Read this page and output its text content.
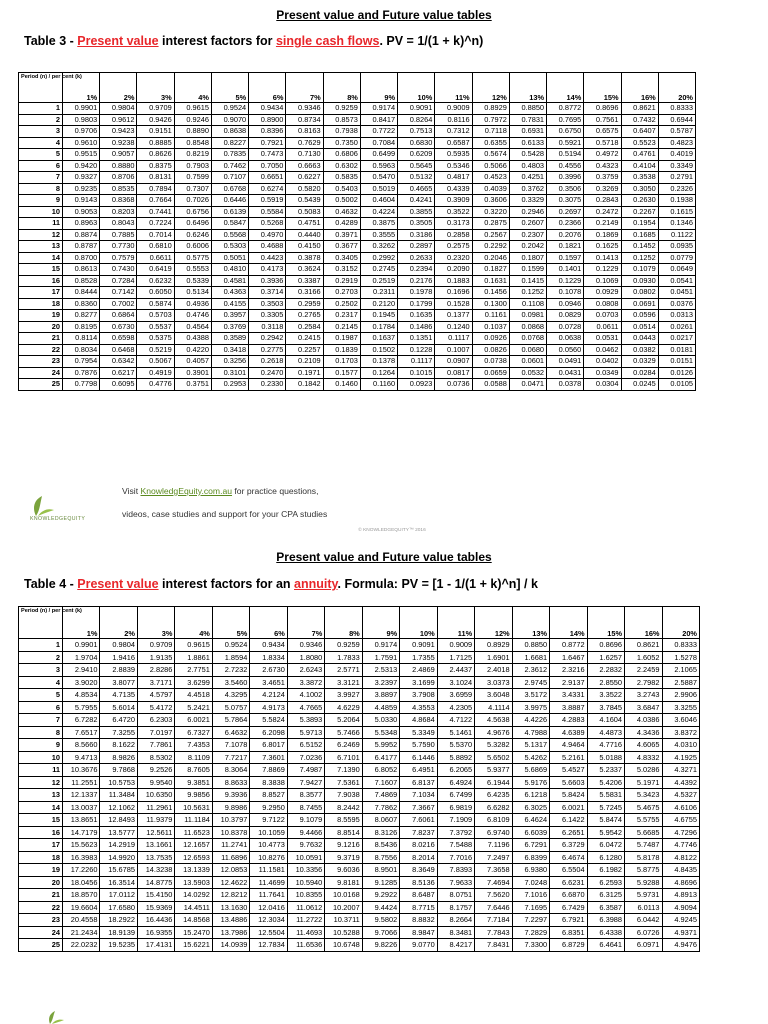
Present value and Future value tables
Table 3 - Present value interest factors for single cash flows. PV = 1/(1 + k)^n)
Period (n) / per cent (k)	1%	2%	3%	4%	5%	6%	7%	8%	9%	10%	11%	12%	13%	14%	15%	16%	20%
1	0.9901	0.9804	0.9709	0.9615	0.9524	0.9434	0.9346	0.9259	0.9174	0.9091	0.9009	0.8929	0.8850	0.8772	0.8696	0.8621	0.8333
2	0.9803	0.9612	0.9426	0.9246	0.9070	0.8900	0.8734	0.8573	0.8417	0.8264	0.8116	0.7972	0.7831	0.7695	0.7561	0.7432	0.6944
3	0.9706	0.9423	0.9151	0.8890	0.8638	0.8396	0.8163	0.7938	0.7722	0.7513	0.7312	0.7118	0.6931	0.6750	0.6575	0.6407	0.5787
4	0.9610	0.9238	0.8885	0.8548	0.8227	0.7921	0.7629	0.7350	0.7084	0.6830	0.6587	0.6355	0.6133	0.5921	0.5718	0.5523	0.4823
5	0.9515	0.9057	0.8626	0.8219	0.7835	0.7473	0.7130	0.6806	0.6499	0.6209	0.5935	0.5674	0.5428	0.5194	0.4972	0.4761	0.4019
6	0.9420	0.8880	0.8375	0.7903	0.7462	0.7050	0.6663	0.6302	0.5963	0.5645	0.5346	0.5066	0.4803	0.4556	0.4323	0.4104	0.3349
7	0.9327	0.8706	0.8131	0.7599	0.7107	0.6651	0.6227	0.5835	0.5470	0.5132	0.4817	0.4523	0.4251	0.3996	0.3759	0.3538	0.2791
8	0.9235	0.8535	0.7894	0.7307	0.6768	0.6274	0.5820	0.5403	0.5019	0.4665	0.4339	0.4039	0.3762	0.3506	0.3269	0.3050	0.2326
9	0.9143	0.8368	0.7664	0.7026	0.6446	0.5919	0.5439	0.5002	0.4604	0.4241	0.3909	0.3606	0.3329	0.3075	0.2843	0.2630	0.1938
10	0.9053	0.8203	0.7441	0.6756	0.6139	0.5584	0.5083	0.4632	0.4224	0.3855	0.3522	0.3220	0.2946	0.2697	0.2472	0.2267	0.1615
11	0.8963	0.8043	0.7224	0.6496	0.5847	0.5268	0.4751	0.4289	0.3875	0.3505	0.3173	0.2875	0.2607	0.2366	0.2149	0.1954	0.1346
12	0.8874	0.7885	0.7014	0.6246	0.5568	0.4970	0.4440	0.3971	0.3555	0.3186	0.2858	0.2567	0.2307	0.2076	0.1869	0.1685	0.1122
13	0.8787	0.7730	0.6810	0.6006	0.5303	0.4688	0.4150	0.3677	0.3262	0.2897	0.2575	0.2292	0.2042	0.1821	0.1625	0.1452	0.0935
14	0.8700	0.7579	0.6611	0.5775	0.5051	0.4423	0.3878	0.3405	0.2992	0.2633	0.2320	0.2046	0.1807	0.1597	0.1413	0.1252	0.0779
15	0.8613	0.7430	0.6419	0.5553	0.4810	0.4173	0.3624	0.3152	0.2745	0.2394	0.2090	0.1827	0.1599	0.1401	0.1229	0.1079	0.0649
16	0.8528	0.7284	0.6232	0.5339	0.4581	0.3936	0.3387	0.2919	0.2519	0.2176	0.1883	0.1631	0.1415	0.1229	0.1069	0.0930	0.0541
17	0.8444	0.7142	0.6050	0.5134	0.4363	0.3714	0.3166	0.2703	0.2311	0.1978	0.1696	0.1456	0.1252	0.1078	0.0929	0.0802	0.0451
18	0.8360	0.7002	0.5874	0.4936	0.4155	0.3503	0.2959	0.2502	0.2120	0.1799	0.1528	0.1300	0.1108	0.0946	0.0808	0.0691	0.0376
19	0.8277	0.6864	0.5703	0.4746	0.3957	0.3305	0.2765	0.2317	0.1945	0.1635	0.1377	0.1161	0.0981	0.0829	0.0703	0.0596	0.0313
20	0.8195	0.6730	0.5537	0.4564	0.3769	0.3118	0.2584	0.2145	0.1784	0.1486	0.1240	0.1037	0.0868	0.0728	0.0611	0.0514	0.0261
21	0.8114	0.6598	0.5375	0.4388	0.3589	0.2942	0.2415	0.1987	0.1637	0.1351	0.1117	0.0926	0.0768	0.0638	0.0531	0.0443	0.0217
22	0.8034	0.6468	0.5219	0.4220	0.3418	0.2775	0.2257	0.1839	0.1502	0.1228	0.1007	0.0826	0.0680	0.0560	0.0462	0.0382	0.0181
23	0.7954	0.6342	0.5067	0.4057	0.3256	0.2618	0.2109	0.1703	0.1378	0.1117	0.0907	0.0738	0.0601	0.0491	0.0402	0.0329	0.0151
24	0.7876	0.6217	0.4919	0.3901	0.3101	0.2470	0.1971	0.1577	0.1264	0.1015	0.0817	0.0659	0.0532	0.0431	0.0349	0.0284	0.0126
25	0.7798	0.6095	0.4776	0.3751	0.2953	0.2330	0.1842	0.1460	0.1160	0.0923	0.0736	0.0588	0.0471	0.0378	0.0304	0.0245	0.0105
KNOWLEDGEQUITY
Visit KnowledgEquity.com.au for practice questions,
videos, case studies and support for your CPA studies
© KNOWLEDGEQUITY™ 2016
Present value and Future value tables
Table 4 - Present value interest factors for an annuity. Formula: PV = [1 - 1/(1 + k)^n] / k
Period (n) / per cent (k)	1%	2%	3%	4%	5%	6%	7%	8%	9%	10%	11%	12%	13%	14%	15%	16%	20%
1	0.9901	0.9804	0.9709	0.9615	0.9524	0.9434	0.9346	0.9259	0.9174	0.9091	0.9009	0.8929	0.8850	0.8772	0.8696	0.8621	0.8333
2	1.9704	1.9416	1.9135	1.8861	1.8594	1.8334	1.8080	1.7833	1.7591	1.7355	1.7125	1.6901	1.6681	1.6467	1.6257	1.6052	1.5278
3	2.9410	2.8839	2.8286	2.7751	2.7232	2.6730	2.6243	2.5771	2.5313	2.4869	2.4437	2.4018	2.3612	2.3216	2.2832	2.2459	2.1065
4	3.9020	3.8077	3.7171	3.6299	3.5460	3.4651	3.3872	3.3121	3.2397	3.1699	3.1024	3.0373	2.9745	2.9137	2.8550	2.7982	2.5887
5	4.8534	4.7135	4.5797	4.4518	4.3295	4.2124	4.1002	3.9927	3.8897	3.7908	3.6959	3.6048	3.5172	3.4331	3.3522	3.2743	2.9906
6	5.7955	5.6014	5.4172	5.2421	5.0757	4.9173	4.7665	4.6229	4.4859	4.3553	4.2305	4.1114	3.9975	3.8887	3.7845	3.6847	3.3255
7	6.7282	6.4720	6.2303	6.0021	5.7864	5.5824	5.3893	5.2064	5.0330	4.8684	4.7122	4.5638	4.4226	4.2883	4.1604	4.0386	3.6046
8	7.6517	7.3255	7.0197	6.7327	6.4632	6.2098	5.9713	5.7466	5.5348	5.3349	5.1461	4.9676	4.7988	4.6389	4.4873	4.3436	3.8372
9	8.5660	8.1622	7.7861	7.4353	7.1078	6.8017	6.5152	6.2469	5.9952	5.7590	5.5370	5.3282	5.1317	4.9464	4.7716	4.6065	4.0310
10	9.4713	8.9826	8.5302	8.1109	7.7217	7.3601	7.0236	6.7101	6.4177	6.1446	5.8892	5.6502	5.4262	5.2161	5.0188	4.8332	4.1925
11	10.3676	9.7868	9.2526	8.7605	8.3064	7.8869	7.4987	7.1390	6.8052	6.4951	6.2065	5.9377	5.6869	5.4527	5.2337	5.0286	4.3271
12	11.2551	10.5753	9.9540	9.3851	8.8633	8.3838	7.9427	7.5361	7.1607	6.8137	6.4924	6.1944	5.9176	5.6603	5.4206	5.1971	4.4392
13	12.1337	11.3484	10.6350	9.9856	9.3936	8.8527	8.3577	7.9038	7.4869	7.1034	6.7499	6.4235	6.1218	5.8424	5.5831	5.3423	4.5327
14	13.0037	12.1062	11.2961	10.5631	9.8986	9.2950	8.7455	8.2442	7.7862	7.3667	6.9819	6.6282	6.3025	6.0021	5.7245	5.4675	4.6106
15	13.8651	12.8493	11.9379	11.1184	10.3797	9.7122	9.1079	8.5595	8.0607	7.6061	7.1909	6.8109	6.4624	6.1422	5.8474	5.5755	4.6755
16	14.7179	13.5777	12.5611	11.6523	10.8378	10.1059	9.4466	8.8514	8.3126	7.8237	7.3792	6.9740	6.6039	6.2651	5.9542	5.6685	4.7296
17	15.5623	14.2919	13.1661	12.1657	11.2741	10.4773	9.7632	9.1216	8.5436	8.0216	7.5488	7.1196	6.7291	6.3729	6.0472	5.7487	4.7746
18	16.3983	14.9920	13.7535	12.6593	11.6896	10.8276	10.0591	9.3719	8.7556	8.2014	7.7016	7.2497	6.8399	6.4674	6.1280	5.8178	4.8122
19	17.2260	15.6785	14.3238	13.1339	12.0853	11.1581	10.3356	9.6036	8.9501	8.3649	7.8393	7.3658	6.9380	6.5504	6.1982	5.8775	4.8435
20	18.0456	16.3514	14.8775	13.5903	12.4622	11.4699	10.5940	9.8181	9.1285	8.5136	7.9633	7.4694	7.0248	6.6231	6.2593	5.9288	4.8696
21	18.8570	17.0112	15.4150	14.0292	12.8212	11.7641	10.8355	10.0168	9.2922	8.6487	8.0751	7.5620	7.1016	6.6870	6.3125	5.9731	4.8913
22	19.6604	17.6580	15.9369	14.4511	13.1630	12.0416	11.0612	10.2007	9.4424	8.7715	8.1757	7.6446	7.1695	6.7429	6.3587	6.0113	4.9094
23	20.4558	18.2922	16.4436	14.8568	13.4886	12.3034	11.2722	10.3711	9.5802	8.8832	8.2664	7.7184	7.2297	6.7921	6.3988	6.0442	4.9245
24	21.2434	18.9139	16.9355	15.2470	13.7986	12.5504	11.4693	10.5288	9.7066	8.9847	8.3481	7.7843	7.2829	6.8351	6.4338	6.0726	4.9371
25	22.0232	19.5235	17.4131	15.6221	14.0939	12.7834	11.6536	10.6748	9.8226	9.0770	8.4217	7.8431	7.3300	6.8729	6.4641	6.0971	4.9476
